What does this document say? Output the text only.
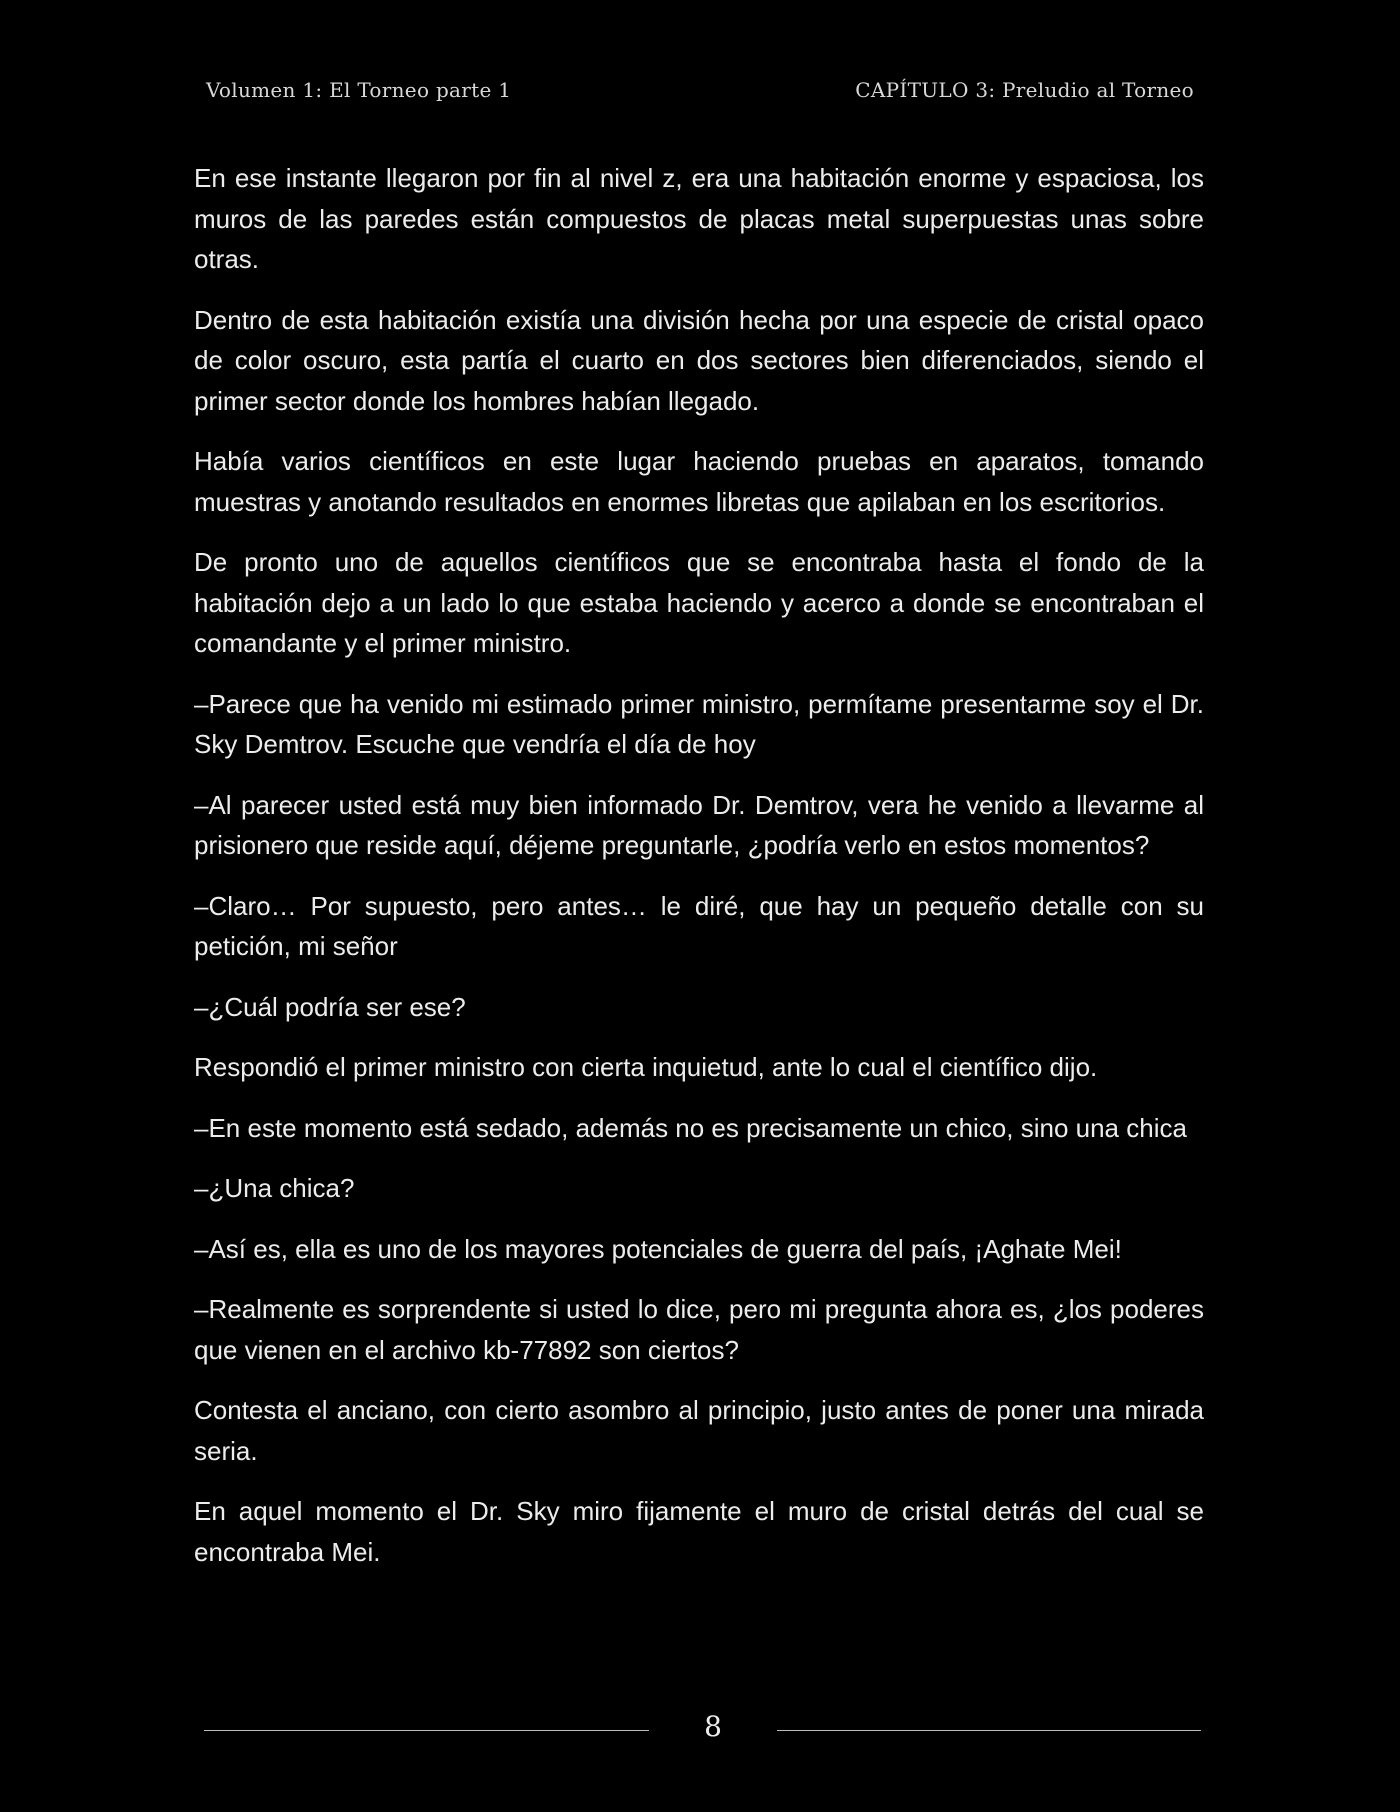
Volumen 1: El Torneo parte 1	CAPÍTULO 3: Preludio al Torneo

En ese instante llegaron por fin al nivel z, era una habitación enorme y espaciosa, los muros de las paredes están compuestos de placas metal superpuestas unas sobre otras.

Dentro de esta habitación existía una división hecha por una especie de cristal opaco de color oscuro, esta partía el cuarto en dos sectores bien diferenciados, siendo el primer sector donde los hombres habían llegado.

Había varios científicos en este lugar haciendo pruebas en aparatos, tomando muestras y anotando resultados en enormes libretas que apilaban en los escritorios.

De pronto uno de aquellos científicos que se encontraba hasta el fondo de la habitación dejo a un lado lo que estaba haciendo y acerco a donde se encontraban el comandante y el primer ministro.

–Parece que ha venido mi estimado primer ministro, permítame presentarme soy el Dr. Sky Demtrov. Escuche que vendría el día de hoy

–Al parecer usted está muy bien informado Dr. Demtrov, vera he venido a llevarme al prisionero que reside aquí, déjeme preguntarle, ¿podría verlo en estos momentos?

–Claro… Por supuesto, pero antes… le diré, que hay un pequeño detalle con su petición, mi señor

–¿Cuál podría ser ese?

Respondió el primer ministro con cierta inquietud, ante lo cual el científico dijo.

–En este momento está sedado, además no es precisamente un chico, sino una chica

–¿Una chica?

–Así es, ella es uno de los mayores potenciales de guerra del país, ¡Aghate Mei!

–Realmente es sorprendente si usted lo dice, pero mi pregunta ahora es, ¿los poderes que vienen en el archivo kb-77892 son ciertos?

Contesta el anciano, con cierto asombro al principio, justo antes de poner una mirada seria.

En aquel momento el Dr. Sky miro fijamente el muro de cristal detrás del cual se encontraba Mei.

8
